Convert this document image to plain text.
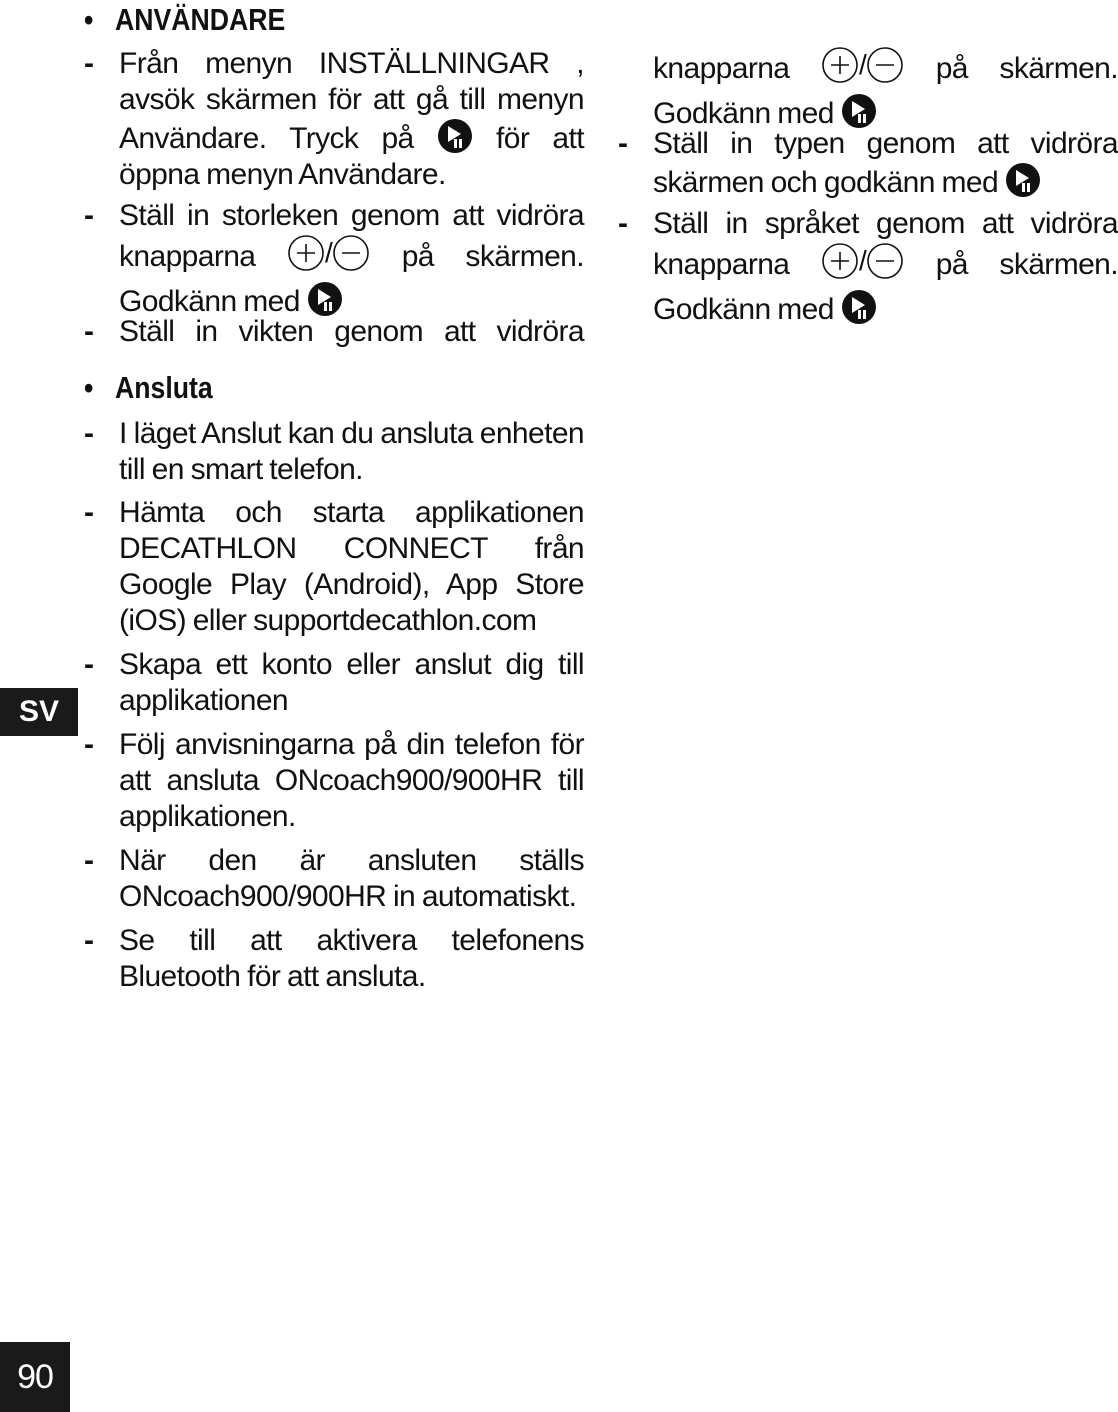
• ANVÄNDARE
- Från menyn INSTÄLLNINGAR ,
avsök skärmen för att gå till menyn
Användare. Tryck på	för att
öppna menyn Användare.
- Ställ in storleken genom att vidröra
knapparna / på skärmen.
Godkänn med
- Ställ in vikten genom att vidröra
• Ansluta
- I läget Anslut kan du ansluta enheten
till en smart telefon.
- Hämta och starta applikationen
DECATHLON CONNECT från
Google Play (Android), App Store
(iOS) eller supportdecathlon.com
- Skapa ett konto eller anslut dig till
applikationen
- Följ anvisningarna på din telefon för
att ansluta ONcoach900/900HR till
applikationen.
- När den är ansluten ställs
ONcoach900/900HR in automatiskt.
- Se till att aktivera telefonens
Bluetooth för att ansluta.
knapparna / på skärmen.
Godkänn med
- Ställ in typen genom att vidröra
skärmen och godkänn med
- Ställ in språket genom att vidröra
knapparna / på skärmen.
Godkänn med
SV
90
